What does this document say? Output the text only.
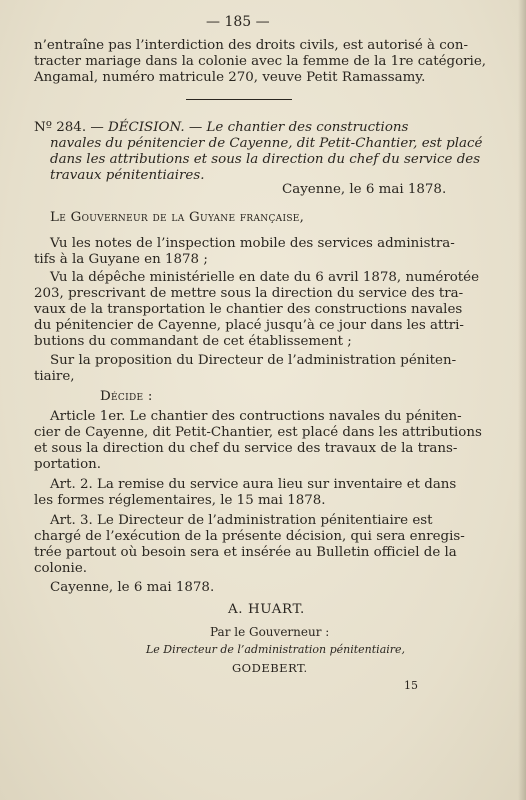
— 185 —
n’entraîne pas l’interdiction des droits civils, est autorisé à con-
tracter mariage dans la colonie avec la femme de la 1re catégorie,
Angamal, numéro matricule 270, veuve Petit Ramassamy.
Nº 284. — DÉCISION. — Le chantier des constructions
navales du pénitencier de Cayenne, dit Petit-Chantier, est placé
dans les attributions et sous la direction du chef du service des
travaux pénitentiaires.
Cayenne, le 6 mai 1878.
Le Gouverneur de la Guyane française,
Vu les notes de l’inspection mobile des services administra-
tifs à la Guyane en 1878 ;
Vu la dépêche ministérielle en date du 6 avril 1878, numérotée
203, prescrivant de mettre sous la direction du service des tra-
vaux de la transportation le chantier des constructions navales
du pénitencier de Cayenne, placé jusqu’à ce jour dans les attri-
butions du commandant de cet établissement ;
Sur la proposition du Directeur de l’administration péniten-
tiaire,
Décide :
Article 1er. Le chantier des contructions navales du péniten-
cier de Cayenne, dit Petit-Chantier, est placé dans les attributions
et sous la direction du chef du service des travaux de la trans-
portation.
Art. 2. La remise du service aura lieu sur inventaire et dans
les formes réglementaires, le 15 mai 1878.
Art. 3. Le Directeur de l’administration pénitentiaire est
chargé de l’exécution de la présente décision, qui sera enregis-
trée partout où besoin sera et insérée au Bulletin officiel de la
colonie.
Cayenne, le 6 mai 1878.
A. HUART.
Par le Gouverneur :
Le Directeur de l’administration pénitentiaire,
GODEBERT.
15
